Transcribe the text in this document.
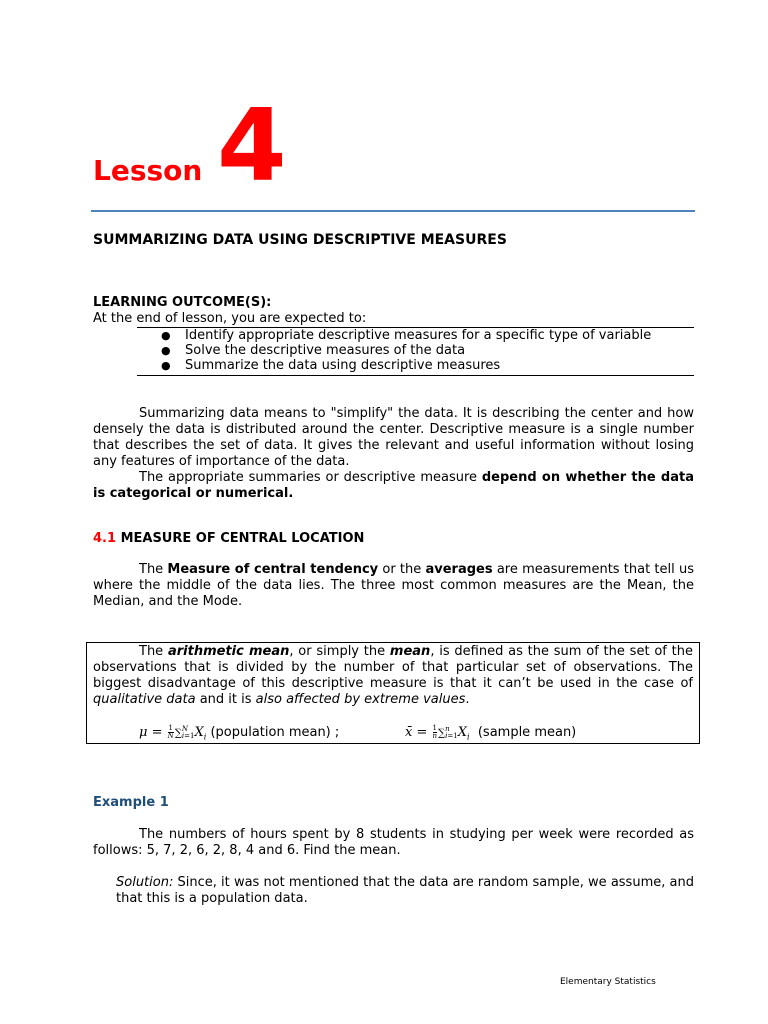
Lesson 4
SUMMARIZING DATA USING DESCRIPTIVE MEASURES
LEARNING OUTCOME(S):
At the end of lesson, you are expected to:
● Identify appropriate descriptive measures for a specific type of variable
● Solve the descriptive measures of the data
● Summarize the data using descriptive measures

Summarizing data means to "simplify" the data. It is describing the center and how densely the data is distributed around the center. Descriptive measure is a single number that describes the set of data. It gives the relevant and useful information without losing any features of importance of the data.

The appropriate summaries or descriptive measure depend on whether the data is categorical or numerical.

4.1 MEASURE OF CENTRAL LOCATION

The Measure of central tendency or the averages are measurements that tell us where the middle of the data lies. The three most common measures are the Mean, the Median, and the Mode.

The arithmetic mean, or simply the mean, is defined as the sum of the set of the observations that is divided by the number of that particular set of observations. The biggest disadvantage of this descriptive measure is that it can’t be used in the case of qualitative data and it is also affected by extreme values.

$\mu = \frac{1}{N}$ ∑ N
i=1 $X_i$ (population mean) ;	x̄ = $\frac{1}{n}$ ∑ n
i=1 $X_i$ (sample mean)
Example 1

The numbers of hours spent by 8 students in studying per week were recorded as follows: 5, 7, 2, 6, 2, 8, 4 and 6. Find the mean.

Solution: Since, it was not mentioned that the data are random sample, we assume, and that this is a population data.
Elementary Statistics
